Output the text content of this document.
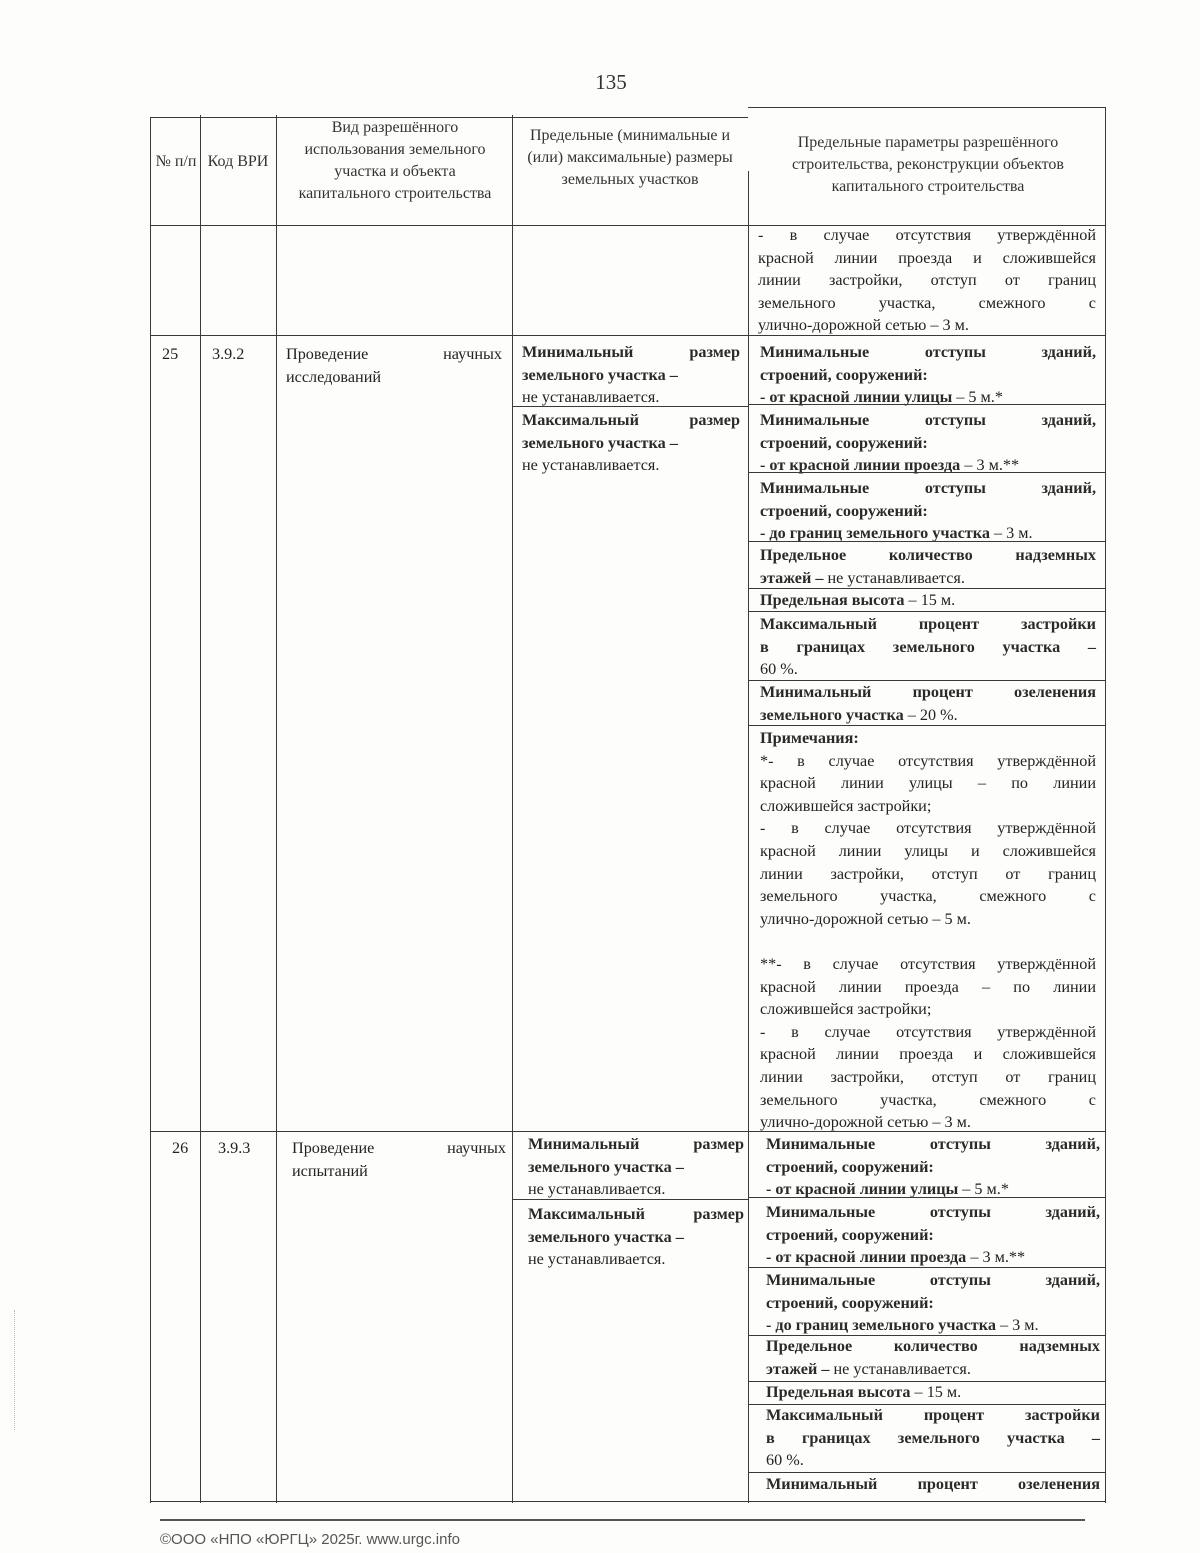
135
№ п/п Код ВРИ
Вид разрешённого использования земельного участка и объекта капитального строительства
Предельные (минимальные и (или) максимальные) размеры земельных участков
Предельные параметры разрешённого строительства, реконструкции объектов капитального строительства
- в случае отсутствия утверждённой
красной линии проезда и сложившейся
линии застройки, отступ от границ
земельного участка, смежного с
улично-дорожной сетью – 3 м.
25 3.9.2	Проведение научных
исследований
Минимальный размер
земельного участка –
не устанавливается.
Максимальный размер
земельного участка –
не устанавливается.
Минимальные отступы зданий,
строений, сооружений:
- от красной линии улицы – 5 м.*
Минимальные отступы зданий,
строений, сооружений:
- от красной линии проезда – 3 м.**
Минимальные отступы зданий,
строений, сооружений:
- до границ земельного участка – 3 м.
Предельное количество надземных
этажей – не устанавливается.
Предельная высота – 15 м.
Максимальный процент застройки
в границах земельного участка –
60 %.
Минимальный процент озеленения
земельного участка – 20 %.
Примечания:
*- в случае отсутствия утверждённой
красной линии улицы – по линии
сложившейся застройки;
- в случае отсутствия утверждённой
красной линии улицы и сложившейся
линии застройки, отступ от границ
земельного участка, смежного с
улично-дорожной сетью – 5 м.
**- в случае отсутствия утверждённой
красной линии проезда – по линии
сложившейся застройки;
- в случае отсутствия утверждённой
красной линии проезда и сложившейся
линии застройки, отступ от границ
земельного участка, смежного с
улично-дорожной сетью – 3 м.
26 3.9.3	Проведение научных
испытаний
Минимальный размер
земельного участка –
не устанавливается.
Максимальный размер
земельного участка –
не устанавливается.
Минимальные отступы зданий,
строений, сооружений:
- от красной линии улицы – 5 м.*
Минимальные отступы зданий,
строений, сооружений:
- от красной линии проезда – 3 м.**
Минимальные отступы зданий,
строений, сооружений:
- до границ земельного участка – 3 м.
Предельное количество надземных
этажей – не устанавливается.
Предельная высота – 15 м.
Максимальный процент застройки
в границах земельного участка –
60 %.
Минимальный процент озеленения
©ООО «НПО «ЮРГЦ» 2025г. www.urgc.info
